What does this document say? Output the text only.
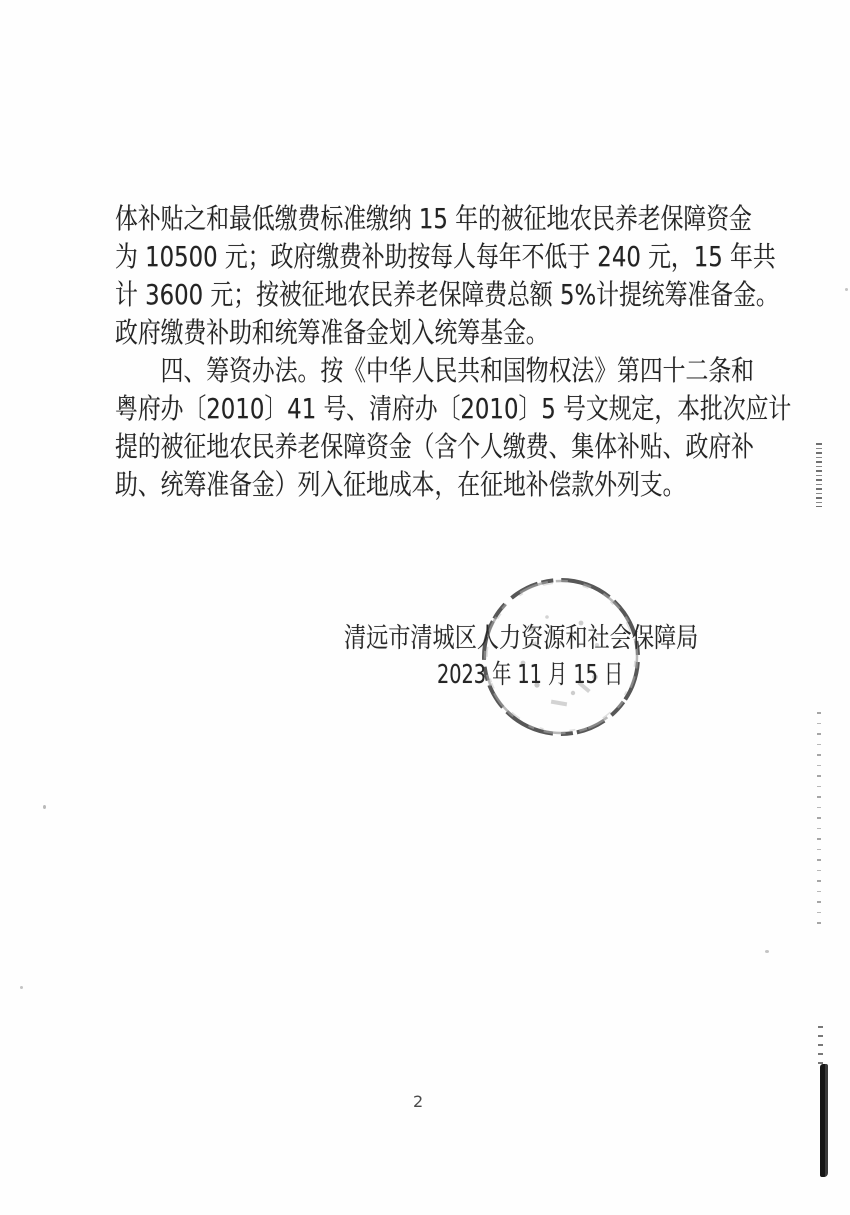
体补贴之和最低缴费标准缴纳 15 年的被征地农民养老保障资金
为 10500 元；政府缴费补助按每人每年不低于 240 元，15 年共
计 3600 元；按被征地农民养老保障费总额 5%计提统筹准备金。
政府缴费补助和统筹准备金划入统筹基金。
四、筹资办法。按《中华人民共和国物权法》第四十二条和
粤府办〔2010〕41 号、清府办〔2010〕5 号文规定，本批次应计
提的被征地农民养老保障资金（含个人缴费、集体补贴、政府补
助、统筹准备金）列入征地成本，在征地补偿款外列支。
清远市清城区人力资源和社会保障局
2023 年 11 月 15 日
2
